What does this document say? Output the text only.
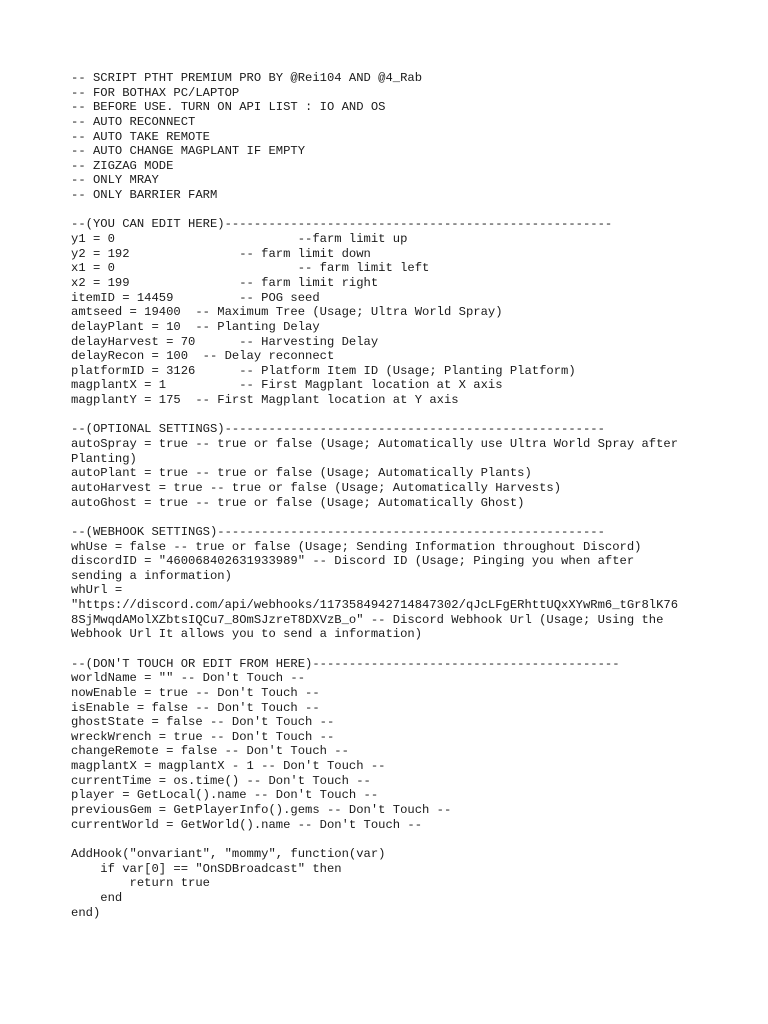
-- SCRIPT PTHT PREMIUM PRO BY @Rei104 AND @4_Rab
-- FOR BOTHAX PC/LAPTOP
-- BEFORE USE. TURN ON API LIST : IO AND OS
-- AUTO RECONNECT
-- AUTO TAKE REMOTE
-- AUTO CHANGE MAGPLANT IF EMPTY
-- ZIGZAG MODE
-- ONLY MRAY
-- ONLY BARRIER FARM
--(YOU CAN EDIT HERE)-----------------------------------------------------
y1 = 0                         --farm limit up
y2 = 192               -- farm limit down
x1 = 0                         -- farm limit left
x2 = 199               -- farm limit right
itemID = 14459         -- POG seed
amtseed = 19400  -- Maximum Tree (Usage; Ultra World Spray)
delayPlant = 10  -- Planting Delay
delayHarvest = 70      -- Harvesting Delay
delayRecon = 100  -- Delay reconnect
platformID = 3126      -- Platform Item ID (Usage; Planting Platform)
magplantX = 1          -- First Magplant location at X axis
magplantY = 175  -- First Magplant location at Y axis
--(OPTIONAL SETTINGS)----------------------------------------------------
autoSpray = true -- true or false (Usage; Automatically use Ultra World Spray after
Planting)
autoPlant = true -- true or false (Usage; Automatically Plants)
autoHarvest = true -- true or false (Usage; Automatically Harvests)
autoGhost = true -- true or false (Usage; Automatically Ghost)
--(WEBHOOK SETTINGS)-----------------------------------------------------
whUse = false -- true or false (Usage; Sending Information throughout Discord)
discordID = "460068402631933989" -- Discord ID (Usage; Pinging you when after
sending a information)
whUrl =
"https://discord.com/api/webhooks/1173584942714847302/qJcLFgERhttUQxXYwRm6_tGr8lK76
8SjMwqdAMolXZbtsIQCu7_8OmSJzreT8DXVzB_o" -- Discord Webhook Url (Usage; Using the
Webhook Url It allows you to send a information)
--(DON'T TOUCH OR EDIT FROM HERE)------------------------------------------
worldName = "" -- Don't Touch --
nowEnable = true -- Don't Touch --
isEnable = false -- Don't Touch --
ghostState = false -- Don't Touch --
wreckWrench = true -- Don't Touch --
changeRemote = false -- Don't Touch --
magplantX = magplantX - 1 -- Don't Touch --
currentTime = os.time() -- Don't Touch --
player = GetLocal().name -- Don't Touch --
previousGem = GetPlayerInfo().gems -- Don't Touch --
currentWorld = GetWorld().name -- Don't Touch --
AddHook("onvariant", "mommy", function(var)
if var[0] == "OnSDBroadcast" then
return true
end
end)
